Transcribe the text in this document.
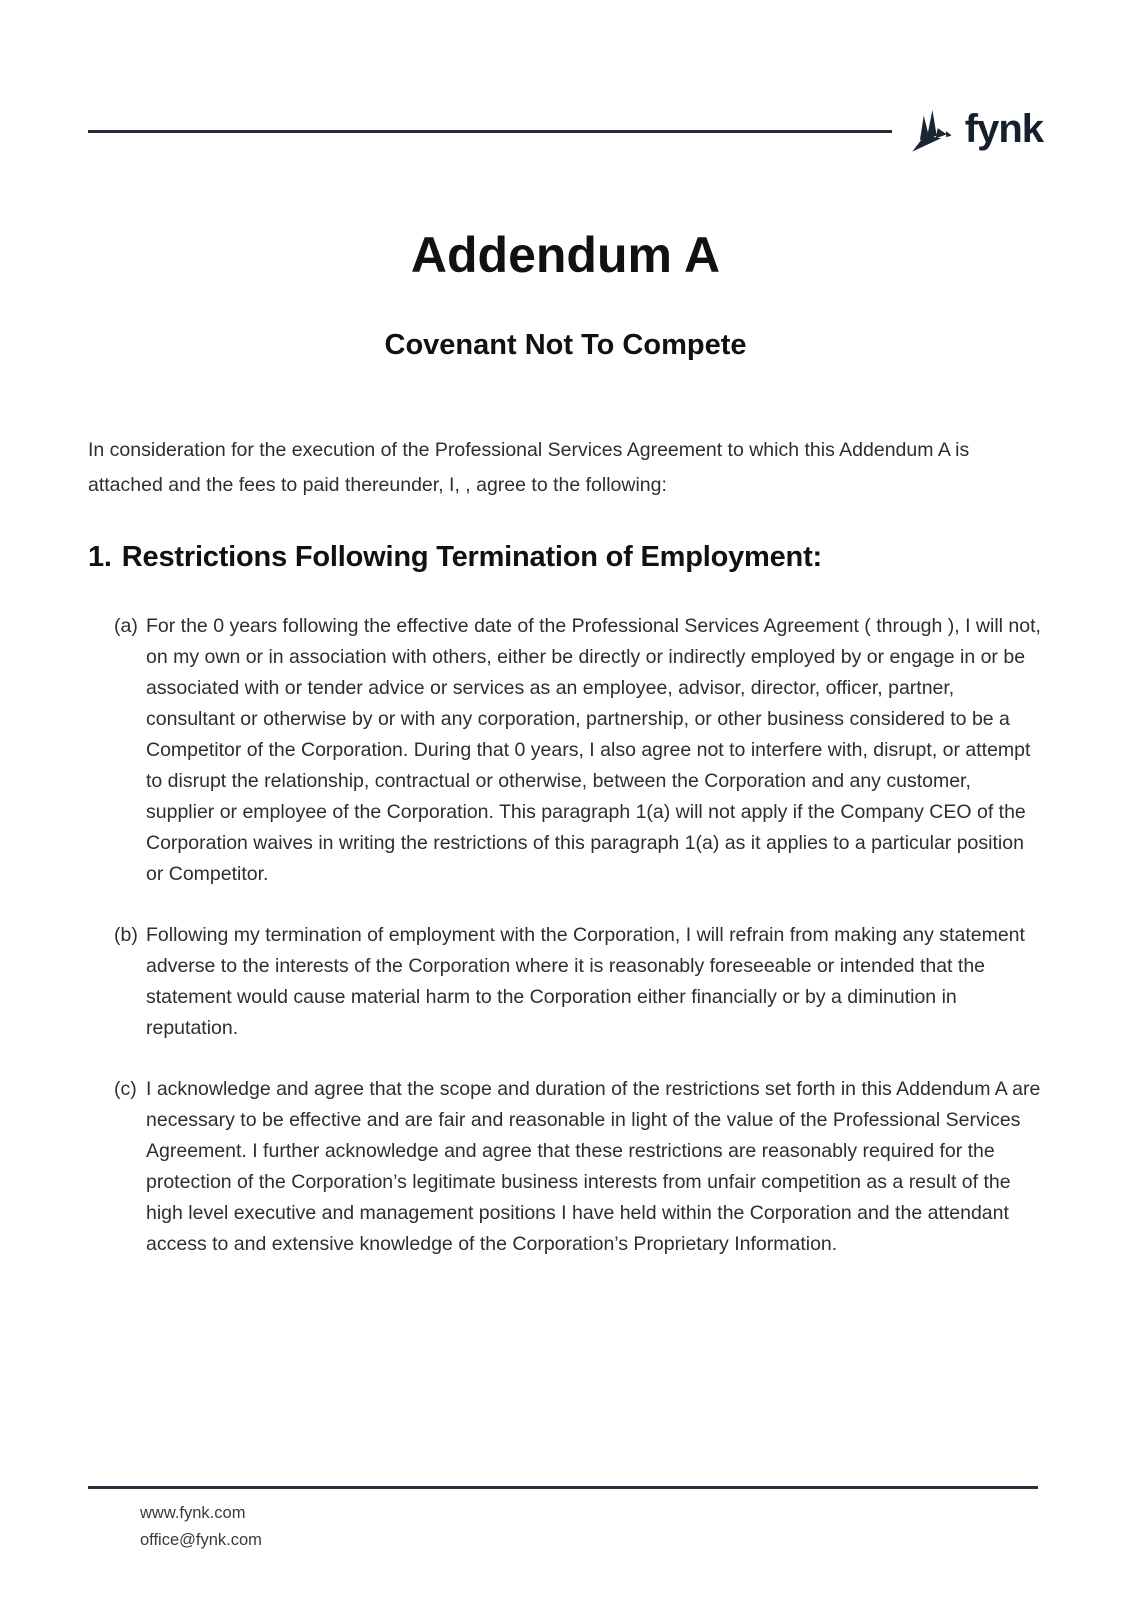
fynk
Addendum A
Covenant Not To Compete

In consideration for the execution of the Professional Services Agreement to which this Addendum A is attached and the fees to paid thereunder, I, , agree to the following:

1. Restrictions Following Termination of Employment:
(a) For the 0 years following the effective date of the Professional Services Agreement ( through ), I will not, on my own or in association with others, either be directly or indirectly employed by or engage in or be associated with or tender advice or services as an employee, advisor, director, officer, partner, consultant or otherwise by or with any corporation, partnership, or other business considered to be a Competitor of the Corporation. During that 0 years, I also agree not to interfere with, disrupt, or attempt to disrupt the relationship, contractual or otherwise, between the Corporation and any customer, supplier or employee of the Corporation. This paragraph 1(a) will not apply if the Company CEO of the Corporation waives in writing the restrictions of this paragraph 1(a) as it applies to a particular position or Competitor.
(b) Following my termination of employment with the Corporation, I will refrain from making any statement adverse to the interests of the Corporation where it is reasonably foreseeable or intended that the statement would cause material harm to the Corporation either financially or by a diminution in reputation.
(c) I acknowledge and agree that the scope and duration of the restrictions set forth in this Addendum A are necessary to be effective and are fair and reasonable in light of the value of the Professional Services Agreement. I further acknowledge and agree that these restrictions are reasonably required for the protection of the Corporation’s legitimate business interests from unfair competition as a result of the high level executive and management positions I have held within the Corporation and the attendant access to and extensive knowledge of the Corporation’s Proprietary Information.
www.fynk.com
office@fynk.com
